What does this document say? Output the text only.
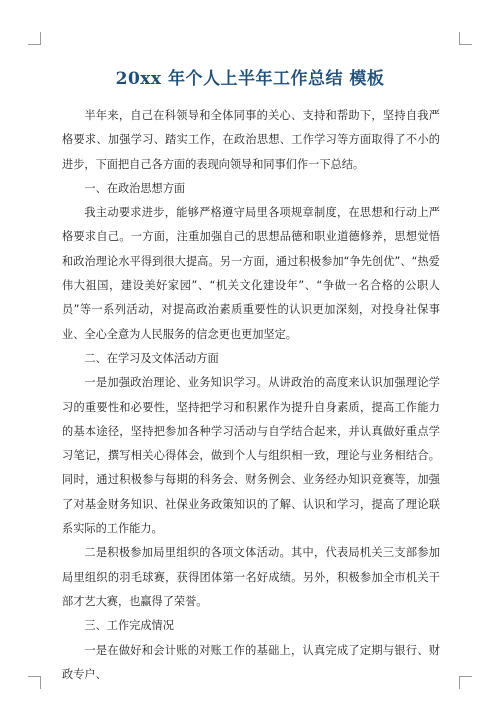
20xx 年个人上半年工作总结 模板

半年来，自己在科领导和全体同事的关心、支持和帮助下，坚持自我严格要求、加强学习、踏实工作，在政治思想、工作学习等方面取得了不小的进步，下面把自己各方面的表现向领导和同事们作一下总结。

一、在政治思想方面

我主动要求进步，能够严格遵守局里各项规章制度，在思想和行动上严格要求自己。一方面，注重加强自己的思想品德和职业道德修养，思想觉悟和政治理论水平得到很大提高。另一方面，通过积极参加“争先创优”、“热爱伟大祖国，建设美好家园”、“机关文化建设年”、“争做一名合格的公职人员”等一系列活动，对提高政治素质重要性的认识更加深刻，对投身社保事业、全心全意为人民服务的信念更也更加坚定。

二、在学习及文体活动方面

一是加强政治理论、业务知识学习。从讲政治的高度来认识加强理论学习的重要性和必要性，坚持把学习和积累作为提升自身素质，提高工作能力的基本途径，坚持把参加各种学习活动与自学结合起来，并认真做好重点学习笔记，撰写相关心得体会，做到个人与组织相一致，理论与业务相结合。同时，通过积极参与每期的科务会、财务例会、业务经办知识竞赛等，加强了对基金财务知识、社保业务政策知识的了解、认识和学习，提高了理论联系实际的工作能力。

二是积极参加局里组织的各项文体活动。其中，代表局机关三支部参加局里组织的羽毛球赛，获得团体第一名好成绩。另外，积极参加全市机关干部才艺大赛，也赢得了荣誉。

三、工作完成情况

一是在做好和会计账的对账工作的基础上，认真完成了定期与银行、财政专户、
